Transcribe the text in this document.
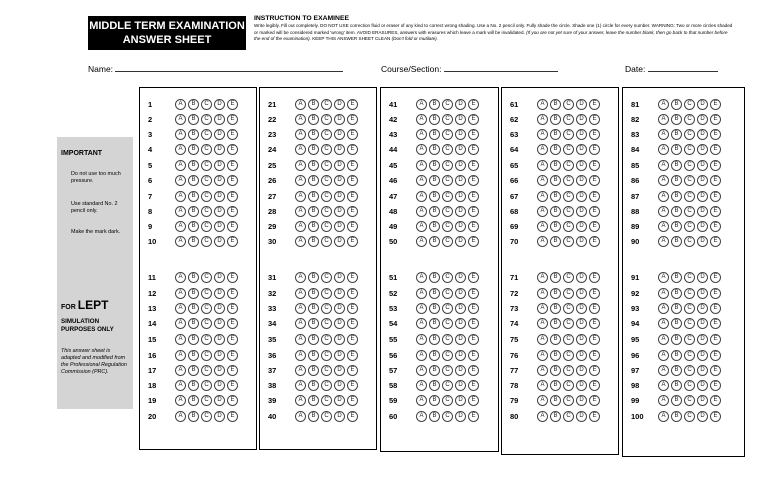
MIDDLE TERM EXAMINATION
ANSWER SHEET
INSTRUCTION TO EXAMINEE
Write legibly. Fill out completely. DO NOT USE correction fluid or eraser of any kind to correct wrong shading. Use a No. 2 pencil only. Fully shade the circle. Shade one (1) circle for every number. WARNING: Two or more circles shaded or marked will be considered marked 'wrong' item. AVOID ERASURES, answers with erasures which leave a mark will be invalidated. (If you are not yet sure of your answer, leave the number blank, then go back to that number before the end of the examination). KEEP THIS ANSWER SHEET CLEAN (Don't fold or mutilate).
Name:	Course/Section:	Date:
IMPORTANT
Do not use too much pressure.
Use standard No. 2 pencil only.
Make the mark dark.
FOR LEPT
SIMULATION PURPOSES ONLY
This answer sheet is adapted and modified from the Professional Regulation Commission (PRC).
1	A B C D E
2	A B C D E
3	A B C D E
4	A B C D E
5	A B C D E
6	A B C D E
7	A B C D E
8	A B C D E
9	A B C D E
10	A B C D E
11	A B C D E
12	A B C D E
13	A B C D E
14	A B C D E
15	A B C D E
16	A B C D E
17	A B C D E
18	A B C D E
19	A B C D E
20	A B C D E
21	A B C D E
22	A B C D E
23	A B C D E
24	A B C D E
25	A B C D E
26	A B C D E
27	A B C D E
28	A B C D E
29	A B C D E
30	A B C D E
31	A B C D E
32	A B C D E
33	A B C D E
34	A B C D E
35	A B C D E
36	A B C D E
37	A B C D E
38	A B C D E
39	A B C D E
40	A B C D E
41	A B C D E
42	A B C D E
43	A B C D E
44	A B C D E
45	A B C D E
46	A B C D E
47	A B C D E
48	A B C D E
49	A B C D E
50	A B C D E
51	A B C D E
52	A B C D E
53	A B C D E
54	A B C D E
55	A B C D E
56	A B C D E
57	A B C D E
58	A B C D E
59	A B C D E
60	A B C D E
61	A B C D E
62	A B C D E
63	A B C D E
64	A B C D E
65	A B C D E
66	A B C D E
67	A B C D E
68	A B C D E
69	A B C D E
70	A B C D E
71	A B C D E
72	A B C D E
73	A B C D E
74	A B C D E
75	A B C D E
76	A B C D E
77	A B C D E
78	A B C D E
79	A B C D E
80	A B C D E
81	A B C D E
82	A B C D E
83	A B C D E
84	A B C D E
85	A B C D E
86	A B C D E
87	A B C D E
88	A B C D E
89	A B C D E
90	A B C D E
91	A B C D E
92	A B C D E
93	A B C D E
94	A B C D E
95	A B C D E
96	A B C D E
97	A B C D E
98	A B C D E
99	A B C D E
100	A B C D E
